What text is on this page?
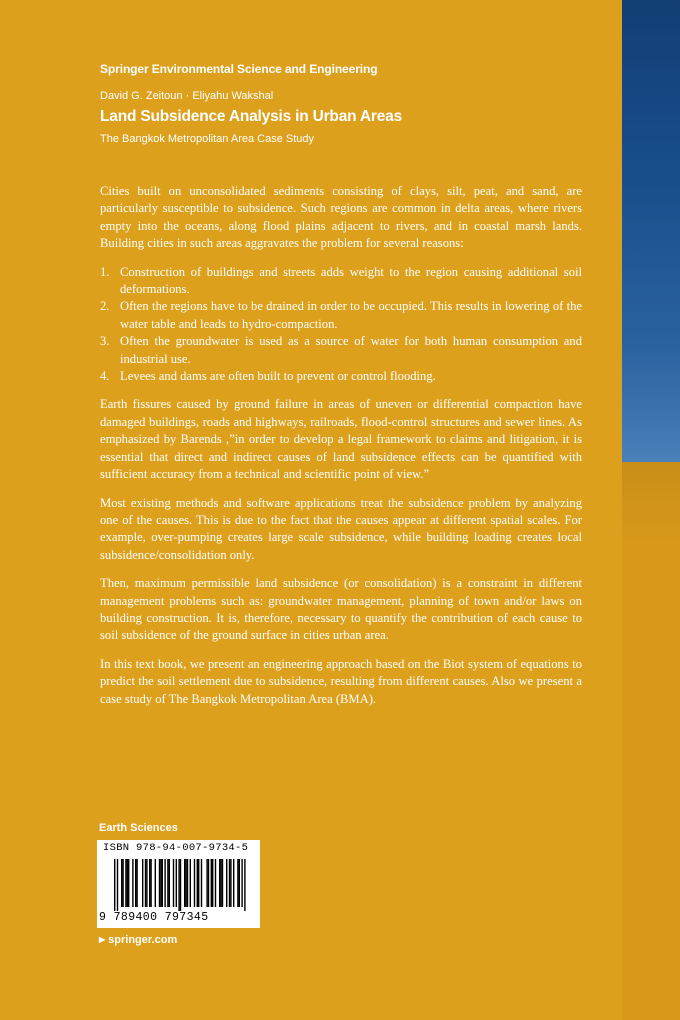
Springer Environmental Science and Engineering
David G. Zeitoun · Eliyahu Wakshal
Land Subsidence Analysis in Urban Areas
The Bangkok Metropolitan Area Case Study

Cities built on unconsolidated sediments consisting of clays, silt, peat, and sand, are particularly susceptible to subsidence. Such regions are common in delta areas, where rivers empty into the oceans, along flood plains adjacent to rivers, and in coastal marsh lands. Building cities in such areas aggravates the problem for several reasons:

1. Construction of buildings and streets adds weight to the region causing additional soil deformations.
2. Often the regions have to be drained in order to be occupied. This results in lowering of the water table and leads to hydro-compaction.
3. Often the groundwater is used as a source of water for both human consumption and industrial use.
4. Levees and dams are often built to prevent or control flooding.

Earth fissures caused by ground failure in areas of uneven or differential compaction have damaged buildings, roads and highways, railroads, flood-control structures and sewer lines. As emphasized by Barends ,”in order to develop a legal framework to claims and litigation, it is essential that direct and indirect causes of land subsidence effects can be quantified with sufficient accuracy from a technical and scientific point of view.”

Most existing methods and software applications treat the subsidence problem by analyzing one of the causes. This is due to the fact that the causes appear at different spatial scales. For example, over-pumping creates large scale subsidence, while building loading creates local subsidence/consolidation only.

Then, maximum permissible land subsidence (or consolidation) is a constraint in different management problems such as: groundwater management, planning of town and/or laws on building construction. It is, therefore, necessary to quantify the contribution of each cause to soil subsidence of the ground surface in cities urban area.

In this text book, we present an engineering approach based on the Biot system of equations to predict the soil settlement due to subsidence, resulting from different causes. Also we present a case study of The Bangkok Metropolitan Area (BMA).

Earth Sciences
ISBN 978-94-007-9734-5
9 789400 797345
▶ springer.com
